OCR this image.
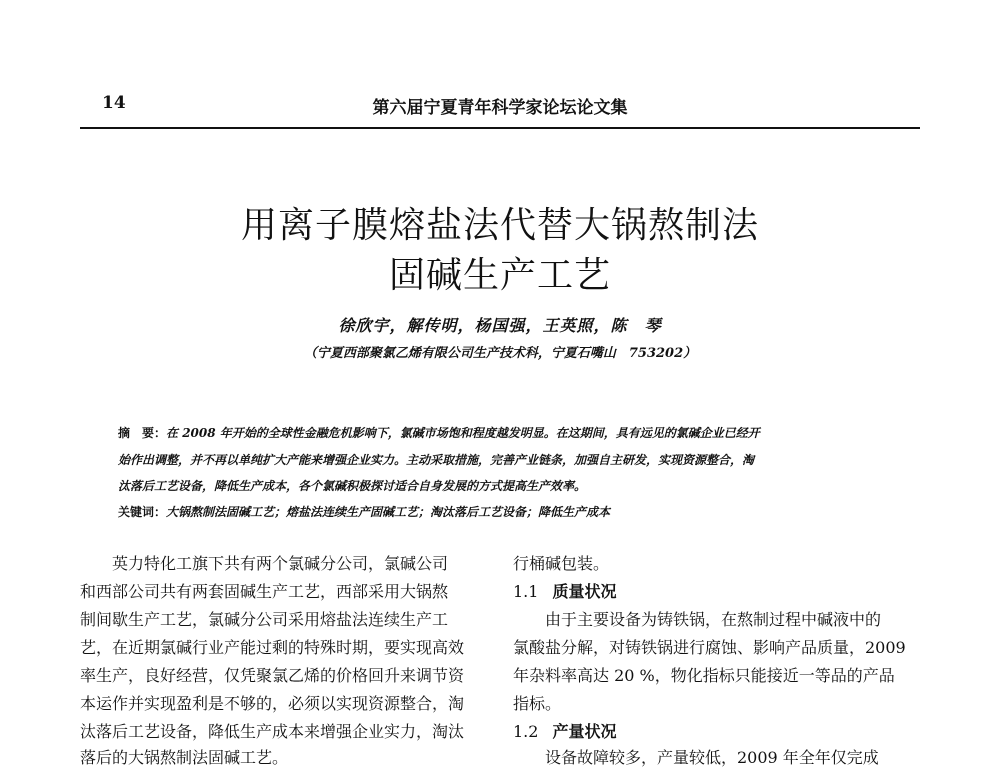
14	第六届宁夏青年科学家论坛论文集
用离子膜熔盐法代替大锅熬制法
固碱生产工艺
徐欣宇，解传明，杨国强，王英照，陈　琴
（宁夏西部聚氯乙烯有限公司生产技术科，宁夏石嘴山　753202）
摘　要：在 2008 年开始的全球性金融危机影响下，氯碱市场饱和程度越发明显。在这期间，具有远见的氯碱企业已经开
始作出调整，并不再以单纯扩大产能来增强企业实力。主动采取措施，完善产业链条，加强自主研发，实现资源整合，淘
汰落后工艺设备，降低生产成本，各个氯碱积极探讨适合自身发展的方式提高生产效率。
关键词：大锅熬制法固碱工艺；熔盐法连续生产固碱工艺；淘汰落后工艺设备；降低生产成本
　　英力特化工旗下共有两个氯碱分公司，氯碱公司
和西部公司共有两套固碱生产工艺，西部采用大锅熬
制间歇生产工艺，氯碱分公司采用熔盐法连续生产工
艺，在近期氯碱行业产能过剩的特殊时期，要实现高效
率生产，良好经营，仅凭聚氯乙烯的价格回升来调节资
本运作并实现盈利是不够的，必须以实现资源整合，淘
汰落后工艺设备，降低生产成本来增强企业实力，淘汰
落后的大锅熬制法固碱工艺。
行桶碱包装。
1.1 质量状况
　　由于主要设备为铸铁锅，在熬制过程中碱液中的
氯酸盐分解，对铸铁锅进行腐蚀、影响产品质量，2009
年杂料率高达 20 %，物化指标只能接近一等品的产品
指标。
1.2 产量状况
　　设备故障较多，产量较低，2009 年全年仅完成
